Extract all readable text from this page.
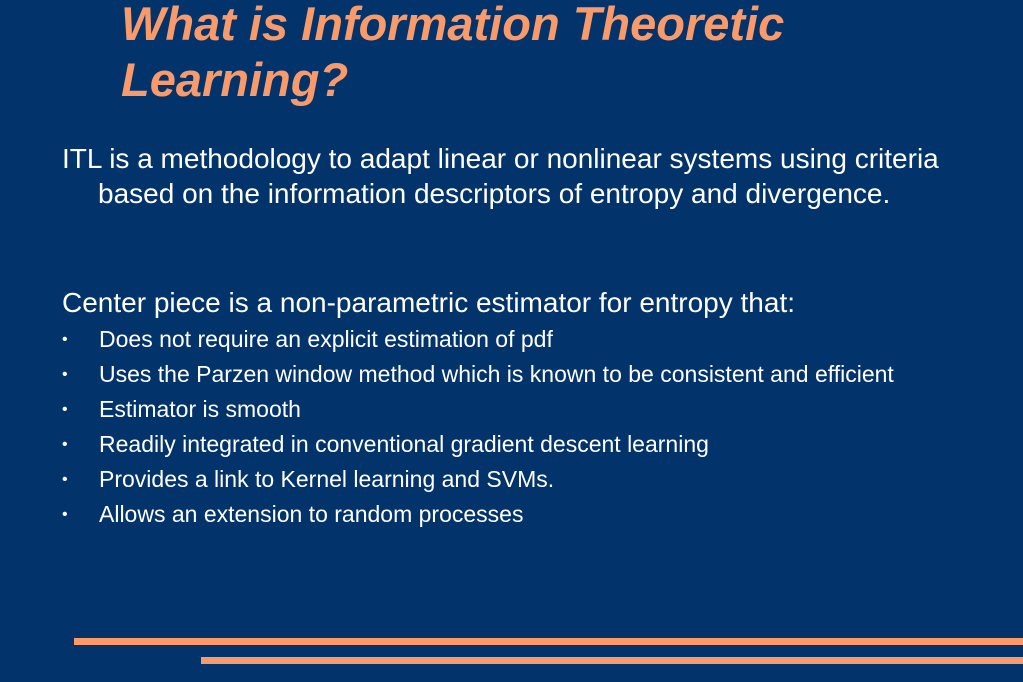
What is Information Theoretic Learning?

ITL is a methodology to adapt linear or nonlinear systems using criteria based on the information descriptors of entropy and divergence.

Center piece is a non-parametric estimator for entropy that:

• Does not require an explicit estimation of pdf
• Uses the Parzen window method which is known to be consistent and efficient
• Estimator is smooth
• Readily integrated in conventional gradient descent learning
• Provides a link to Kernel learning and SVMs.
• Allows an extension to random processes
